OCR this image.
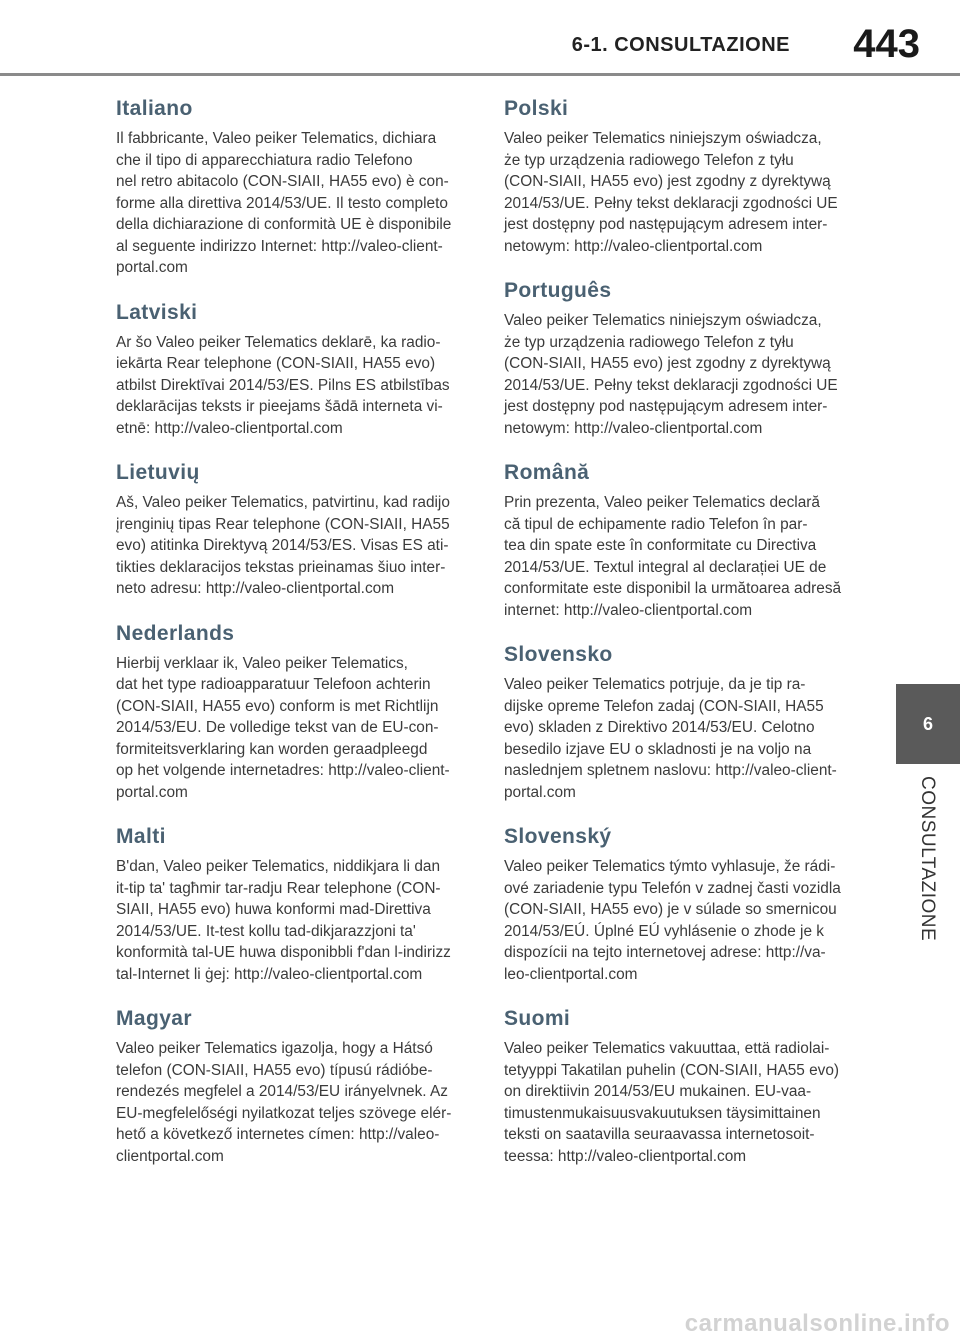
6-1. CONSULTAZIONE	443
Italiano

Il fabbricante, Valeo peiker Telematics, dichiara
che il tipo di apparecchiatura radio Telefono
nel retro abitacolo (CON-SIAII, HA55 evo) è con-
forme alla direttiva 2014/53/UE. Il testo completo
della dichiarazione di conformità UE è disponibile
al seguente indirizzo Internet: http://valeo-client-
portal.com

Latviski

Ar šo Valeo peiker Telematics deklarē, ka radio-
iekārta Rear telephone (CON-SIAII, HA55 evo)
atbilst Direktīvai 2014/53/ES. Pilns ES atbilstības
deklarācijas teksts ir pieejams šādā interneta vi-
etnē: http://valeo-clientportal.com

Lietuvių

Aš, Valeo peiker Telematics, patvirtinu, kad radijo
įrenginių tipas Rear telephone (CON-SIAII, HA55
evo) atitinka Direktyvą 2014/53/ES. Visas ES ati-
tikties deklaracijos tekstas prieinamas šiuo inter-
neto adresu: http://valeo-clientportal.com

Nederlands

Hierbij verklaar ik, Valeo peiker Telematics,
dat het type radioapparatuur Telefoon achterin
(CON-SIAII, HA55 evo) conform is met Richtlijn
2014/53/EU. De volledige tekst van de EU-con-
formiteitsverklaring kan worden geraadpleegd
op het volgende internetadres: http://valeo-client-
portal.com

Malti

B'dan, Valeo peiker Telematics, niddikjara li dan
it-tip ta' tagħmir tar-radju Rear telephone (CON-
SIAII, HA55 evo) huwa konformi mad-Direttiva
2014/53/UE. It-test kollu tad-dikjarazzjoni ta'
konformità tal-UE huwa disponibbli f'dan l-indirizz
tal-Internet li ġej: http://valeo-clientportal.com

Magyar

Valeo peiker Telematics igazolja, hogy a Hátsó
telefon (CON-SIAII, HA55 evo) típusú rádióbe-
rendezés megfelel a 2014/53/EU irányelvnek. Az
EU-megfelelőségi nyilatkozat teljes szövege elér-
hető a következő internetes címen: http://valeo-
clientportal.com

Polski

Valeo peiker Telematics niniejszym oświadcza,
że typ urządzenia radiowego Telefon z tyłu
(CON-SIAII, HA55 evo) jest zgodny z dyrektywą
2014/53/UE. Pełny tekst deklaracji zgodności UE
jest dostępny pod następującym adresem inter-
netowym: http://valeo-clientportal.com

Português

Valeo peiker Telematics niniejszym oświadcza,
że typ urządzenia radiowego Telefon z tyłu
(CON-SIAII, HA55 evo) jest zgodny z dyrektywą
2014/53/UE. Pełny tekst deklaracji zgodności UE
jest dostępny pod następującym adresem inter-
netowym: http://valeo-clientportal.com

Română

Prin prezenta, Valeo peiker Telematics declară
că tipul de echipamente radio Telefon în par-
tea din spate este în conformitate cu Directiva
2014/53/UE. Textul integral al declarației UE de
conformitate este disponibil la următoarea adresă
internet: http://valeo-clientportal.com

Slovensko

Valeo peiker Telematics potrjuje, da je tip ra-
dijske opreme Telefon zadaj (CON-SIAII, HA55
evo) skladen z Direktivo 2014/53/EU. Celotno
besedilo izjave EU o skladnosti je na voljo na
naslednjem spletnem naslovu: http://valeo-client-
portal.com

Slovenský

Valeo peiker Telematics týmto vyhlasuje, že rádi-
ové zariadenie typu Telefón v zadnej časti vozidla
(CON-SIAII, HA55 evo) je v súlade so smernicou
2014/53/EÚ. Úplné EÚ vyhlásenie o zhode je k
dispozícii na tejto internetovej adrese: http://va-
leo-clientportal.com

Suomi

Valeo peiker Telematics vakuuttaa, että radiolai-
tetyyppi Takatilan puhelin (CON-SIAII, HA55 evo)
on direktiivin 2014/53/EU mukainen. EU-vaa-
timustenmukaisuusvakuutuksen täysimittainen
teksti on saatavilla seuraavassa internetosoit-
teessa: http://valeo-clientportal.com

6
CONSULTAZIONE
carmanualsonline.info
